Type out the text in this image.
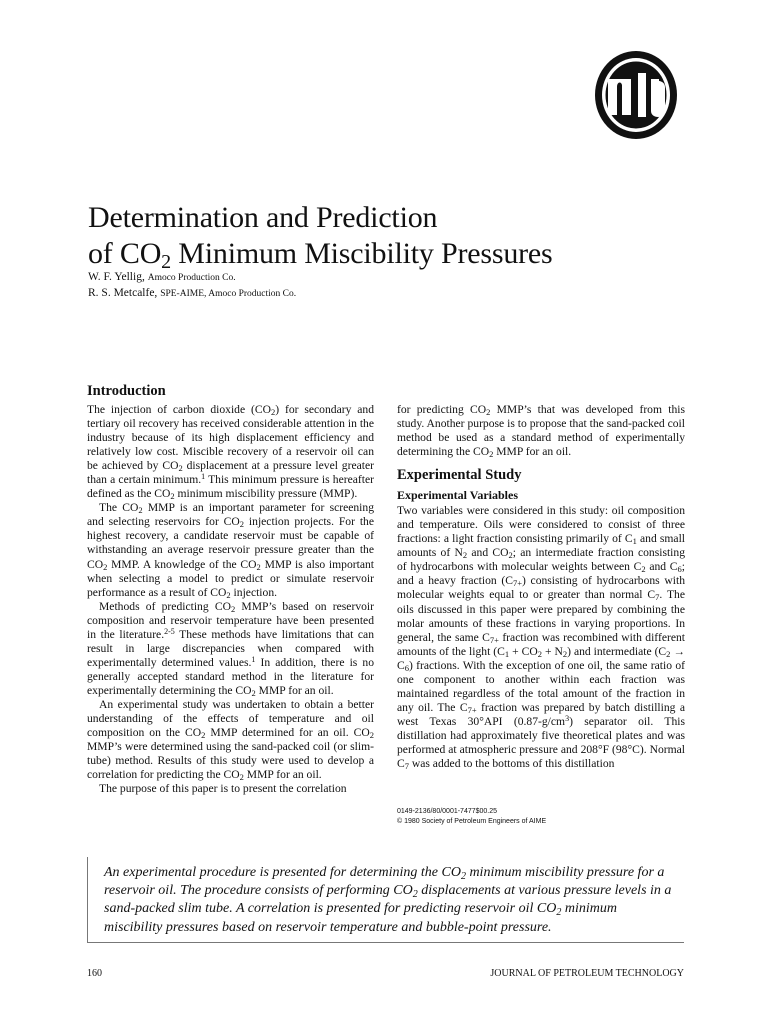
Determination and Prediction
of $CO_2$ Minimum Miscibility Pressures
W. F. Yellig, Amoco Production Co.
R. S. Metcalfe, SPE-AIME, Amoco Production Co.
Introduction

The injection of carbon dioxide $(CO_2)$ for secondary and tertiary oil recovery has received considerable attention in the industry because of its high displacement efficiency and relatively low cost. Miscible recovery of a reservoir oil can be achieved by $CO_2$ displacement at a pressure level greater than a certain minimum.$^1$ This minimum pressure is hereafter defined as the $CO_2$ minimum miscibility pressure (MMP).

The $CO_2$ MMP is an important parameter for screening and selecting reservoirs for $CO_2$ injection projects. For the highest recovery, a candidate reservoir must be capable of withstanding an average reservoir pressure greater than the $CO_2$ MMP. A knowledge of the $CO_2$ MMP is also important when selecting a model to predict or simulate reservoir performance as a result of $CO_2$ injection.

Methods of predicting $CO_2$ MMP’s based on reservoir composition and reservoir temperature have been presented in the literature.$^{2-5}$ These methods have limitations that can result in large discrepancies when compared with experimentally determined values.$^1$ In addition, there is no generally accepted standard method in the literature for experimentally determining the $CO_2$ MMP for an oil.

An experimental study was undertaken to obtain a better understanding of the effects of temperature and oil composition on the $CO_2$ MMP determined for an oil. $CO_2$ MMP’s were determined using the sand-packed coil (or slim-tube) method. Results of this study were used to develop a correlation for predicting the $CO_2$ MMP for an oil.

The purpose of this paper is to present the correlation

for predicting $CO_2$ MMP’s that was developed from this study. Another purpose is to propose that the sand-packed coil method be used as a standard method of experimentally determining the $CO_2$ MMP for an oil.

Experimental Study
Experimental Variables

Two variables were considered in this study: oil composition and temperature. Oils were considered to consist of three fractions: a light fraction consisting primarily of $C_1$ and small amounts of $N_2$ and $CO_2$; an intermediate fraction consisting of hydrocarbons with molecular weights between $C_2$ and $C_6$; and a heavy fraction $(C_{7+})$ consisting of hydrocarbons with molecular weights equal to or greater than normal $C_7$. The oils discussed in this paper were prepared by combining the molar amounts of these fractions in varying proportions. In general, the same $C_{7+}$ fraction was recombined with different amounts of the light $(C_1 + CO_2 + N_2)$ and intermediate $(C_2 \to C_6)$ fractions. With the exception of one oil, the same ratio of one component to another within each fraction was maintained regardless of the total amount of the fraction in any oil. The $C_{7+}$ fraction was prepared by batch distilling a west Texas 30°API $(0.87-g/cm^3)$ separator oil. This distillation had approximately five theoretical plates and was performed at atmospheric pressure and 208°F (98°C). Normal $C_7$ was added to the bottoms of this distillation

0149-2136/80/0001-7477$00.25
© 1980 Society of Petroleum Engineers of AIME
An experimental procedure is presented for determining the $CO_2$ minimum miscibility pressure for a reservoir oil. The procedure consists of performing $CO_2$ displacements at various pressure levels in a sand-packed slim tube. A correlation is presented for predicting reservoir oil $CO_2$ minimum miscibility pressures based on reservoir temperature and bubble-point pressure.
160	JOURNAL OF PETROLEUM TECHNOLOGY
